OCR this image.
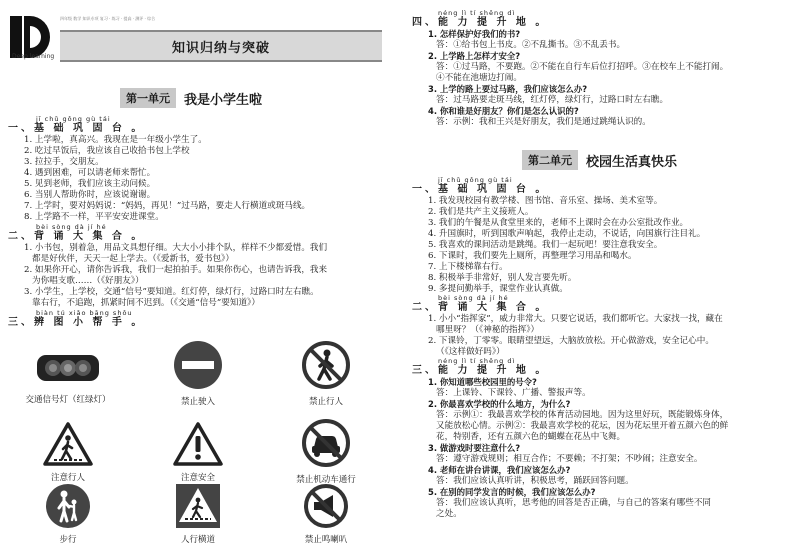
Deep learning
四年级 数学 知识专项 复习 · 练习 · 提高 · 测评 · 综合
知识归纳与突破
第一单元	我是小学生啦
jī chǔ gǒng gù tái
一、基 础 巩 固 台 。
1. 上学啦，真高兴。我现在是一年级小学生了。
2. 吃过早饭后，我应该自己收拾书包上学校
3. 拉拉手，交朋友。
4. 遇到困难，可以请老师来帮忙。
5. 见到老师，我们应该主动问候。
6. 当别人帮助你时，应该说谢谢。
7. 上学时，要对妈妈说：“妈妈，再见！”过马路，要走人行横道或斑马线。
8. 上学路不一样，平平安安进课堂。
bèi sòng dà jí hé
二、背 诵 大 集 合 。
1. 小书包，别着急，用品文具想仔细。大大小小排个队，样样不少都爱惜。我们
都是好伙伴，天天一起上学去。（《爱新书，爱书包》）
2. 如果你开心，请你告诉我，我们一起拍拍手。如果你伤心，也请告诉我，我来
为你唱支歌……（《好朋友》）
3. 小学生，上学校，交通“信号”要知道。红灯停，绿灯行，过路口时左右瞧。
靠右行，不追跑，抓紧时间不迟到。（《交通“信号”要知道》）
biàn tú xiǎo bāng shǒu
三、辨 图 小 帮 手 。
交通信号灯（红绿灯）	禁止驶入	禁止行人
注意行人	注意安全	禁止机动车通行
步行	人行横道	禁止鸣喇叭
néng lì tí shēng dì
四、能 力 提 升 地 。
1. 怎样保护好我们的书?
答：①给书包上书皮。②不乱撕书。③不乱丢书。
2. 上学路上怎样才安全?
答：①过马路，不要跑。②不能在自行车后位打招呼。③在校车上不能打闹。
④不能在池塘边打闹。
3. 上学的路上要过马路，我们应该怎么办?
答：过马路要走斑马线，红灯停，绿灯行，过路口时左右瞧。
4. 你和谁是好朋友？你们是怎么认识的?
答：示例：我和王兴是好朋友，我们是通过跳绳认识的。
第二单元	校园生活真快乐
jī chǔ gǒng gù tái
一、基 础 巩 固 台 。
1. 我发现校园有教学楼、图书馆、音乐室、操场、美术室等。
2. 我们是共产主义接班人。
3. 我们的午餐是从食堂里来的，老师不上课时会在办公室批改作业。
4. 升国旗时，听到国歌声响起，我停止走动，不说话，向国旗行注目礼。
5. 我喜欢的课间活动是跳绳。我们一起玩吧！要注意我安全。
6. 下课时，我们要先上厕所，再整理学习用品和喝水。
7. 上下楼梯靠右行。
8. 积极举手非常好，别人发言要先听。
9. 多提问勤举手，课堂作业认真做。
bèi sòng dà jí hé
二、背 诵 大 集 合 。
1. 小小“指挥家”，威力非常大。只要它说话，我们都听它。大家找一找，藏在
哪里呀？（《神秘的指挥》）
2. 下课铃，丁零零。眼睛望望远，大脑放放松。开心做游戏，安全记心中。
（《这样做好吗》）
néng lì tí shēng dì
三、能 力 提 升 地 。
1. 你知道哪些校园里的号令?
答：上课铃、下课铃、广播、警报声等。
2. 你最喜欢学校的什么地方，为什么?
答：示例①：我最喜欢学校的体育活动园地。因为这里好玩，既能锻炼身体，
又能放松心情。示例②：我最喜欢学校的花坛，因为花坛里开着五颜六色的鲜
花，特别香，还有五颜六色的蝴蝶在花丛中飞舞。
3. 做游戏时要注意什么?
答：遵守游戏规则；相互合作；不要赖；不打架；不吵闹；注意安全。
4. 老师在讲台讲课，我们应该怎么办?
答：我们应该认真听讲，积极思考，踊跃回答问题。
5. 在别的同学发言的时候，我们应该怎么办?
答：我们应该认真听，思考他的回答是否正确，与自己的答案有哪些不同
之处。
